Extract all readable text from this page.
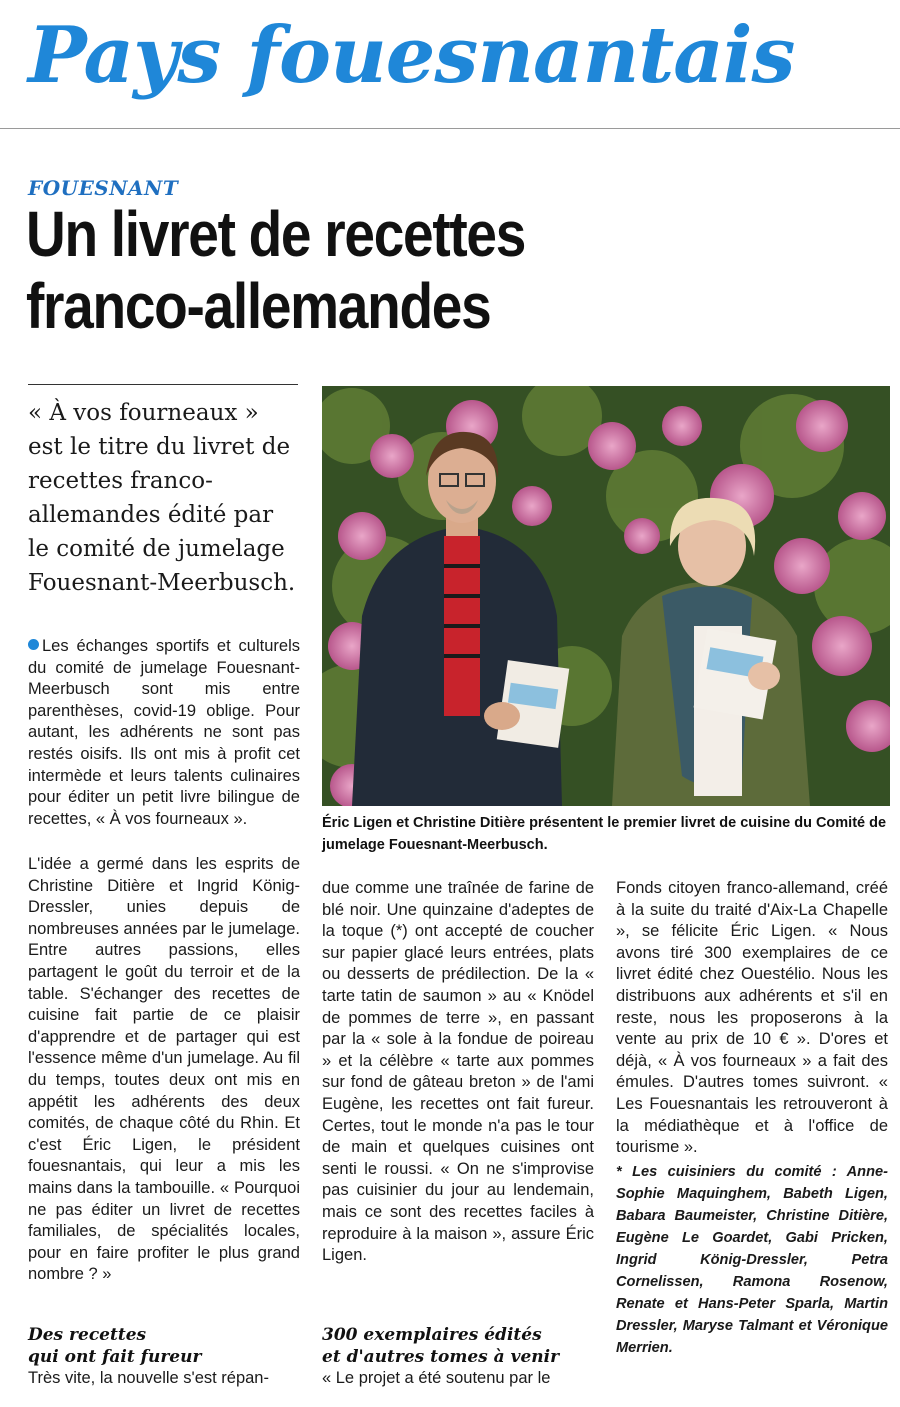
Pays fouesnantais
FOUESNANT
Un livret de recettes
franco-allemandes
« À vos fourneaux » est le titre du livret de recettes franco-allemandes édité par le comité de jumelage Fouesnant-Meerbusch.
Éric Ligen et Christine Ditière présentent le premier livret de cuisine du Comité de jumelage Fouesnant-Meerbusch.

Les échanges sportifs et culturels du comité de jumelage Fouesnant-Meerbusch sont mis entre parenthèses, covid-19 oblige. Pour autant, les adhérents ne sont pas restés oisifs. Ils ont mis à profit cet intermède et leurs talents culinaires pour éditer un petit livre bilingue de recettes, « À vos fourneaux ».

L'idée a germé dans les esprits de Christine Ditière et Ingrid König-Dressler, unies depuis de nombreuses années par le jumelage. Entre autres passions, elles partagent le goût du terroir et de la table. S'échanger des recettes de cuisine fait partie de ce plaisir d'apprendre et de partager qui est l'essence même d'un jumelage. Au fil du temps, toutes deux ont mis en appétit les adhérents des deux comités, de chaque côté du Rhin. Et c'est Éric Ligen, le président fouesnantais, qui leur a mis les mains dans la tambouille. « Pourquoi ne pas éditer un livret de recettes familiales, de spécialités locales, pour en faire profiter le plus grand nombre ? »

Des recettes
qui ont fait fureur

Très vite, la nouvelle s'est répan-

due comme une traînée de farine de blé noir. Une quinzaine d'adeptes de la toque (*) ont accepté de coucher sur papier glacé leurs entrées, plats ou desserts de prédilection. De la « tarte tatin de saumon » au « Knödel de pommes de terre », en passant par la « sole à la fondue de poireau » et la célèbre « tarte aux pommes sur fond de gâteau breton » de l'ami Eugène, les recettes ont fait fureur. Certes, tout le monde n'a pas le tour de main et quelques cuisines ont senti le roussi. « On ne s'improvise pas cuisinier du jour au lendemain, mais ce sont des recettes faciles à reproduire à la maison », assure Éric Ligen.

300 exemplaires édités
et d'autres tomes à venir

« Le projet a été soutenu par le

Fonds citoyen franco-allemand, créé à la suite du traité d'Aix-La Chapelle », se félicite Éric Ligen. « Nous avons tiré 300 exemplaires de ce livret édité chez Ouestélio. Nous les distribuons aux adhérents et s'il en reste, nous les proposerons à la vente au prix de 10 € ». D'ores et déjà, « À vos fourneaux » a fait des émules. D'autres tomes suivront. « Les Fouesnantais les retrouveront à la médiathèque et à l'office de tourisme ».

* Les cuisiniers du comité : Anne-Sophie Maquinghem, Babeth Ligen, Babara Baumeister, Christine Ditière, Eugène Le Goardet, Gabi Pricken, Ingrid König-Dressler, Petra Cornelissen, Ramona Rosenow, Renate et Hans-Peter Sparla, Martin Dressler, Maryse Talmant et Véronique Merrien.
